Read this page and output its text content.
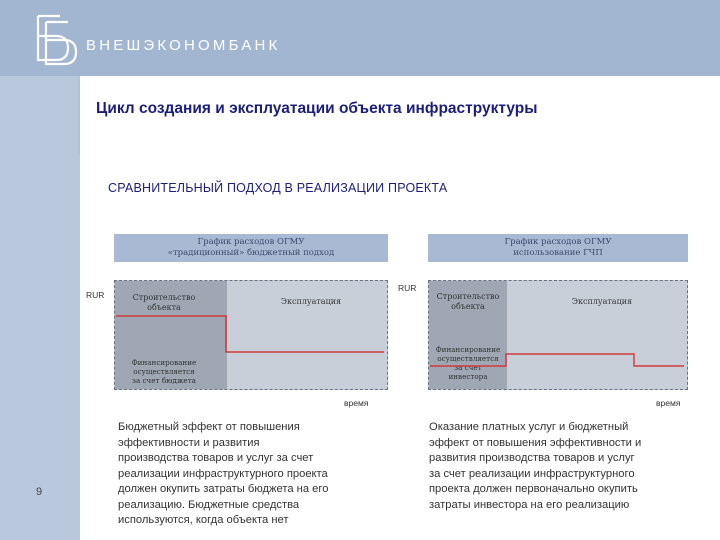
ВНЕШЭКОНОМБАНК
Цикл создания и эксплуатации объекта инфраструктуры
СРАВНИТЕЛЬНЫЙ ПОДХОД В РЕАЛИЗАЦИИ ПРОЕКТА
График расходов ОГМУ
«традиционный» бюджетный подход
RUR	Строительство
объекта
Эксплуатация
Финансирование
осуществляется
за счет бюджета
время
График расходов ОГМУ
использование ГЧП
RUR
Строительство
объекта
Эксплуатация
Финансирование
осуществляется
за счет
инвестора
время
Бюджетный эффект от повышения
эффективности и развития
производства товаров и услуг за счет
реализации инфраструктурного проекта
должен окупить затраты бюджета на его
реализацию. Бюджетные средства
используются, когда объекта нет
Оказание платных услуг и бюджетный
эффект от повышения эффективности и
развития производства товаров и услуг
за счет реализации инфраструктурного
проекта должен первоначально окупить
затраты инвестора на его реализацию
9
